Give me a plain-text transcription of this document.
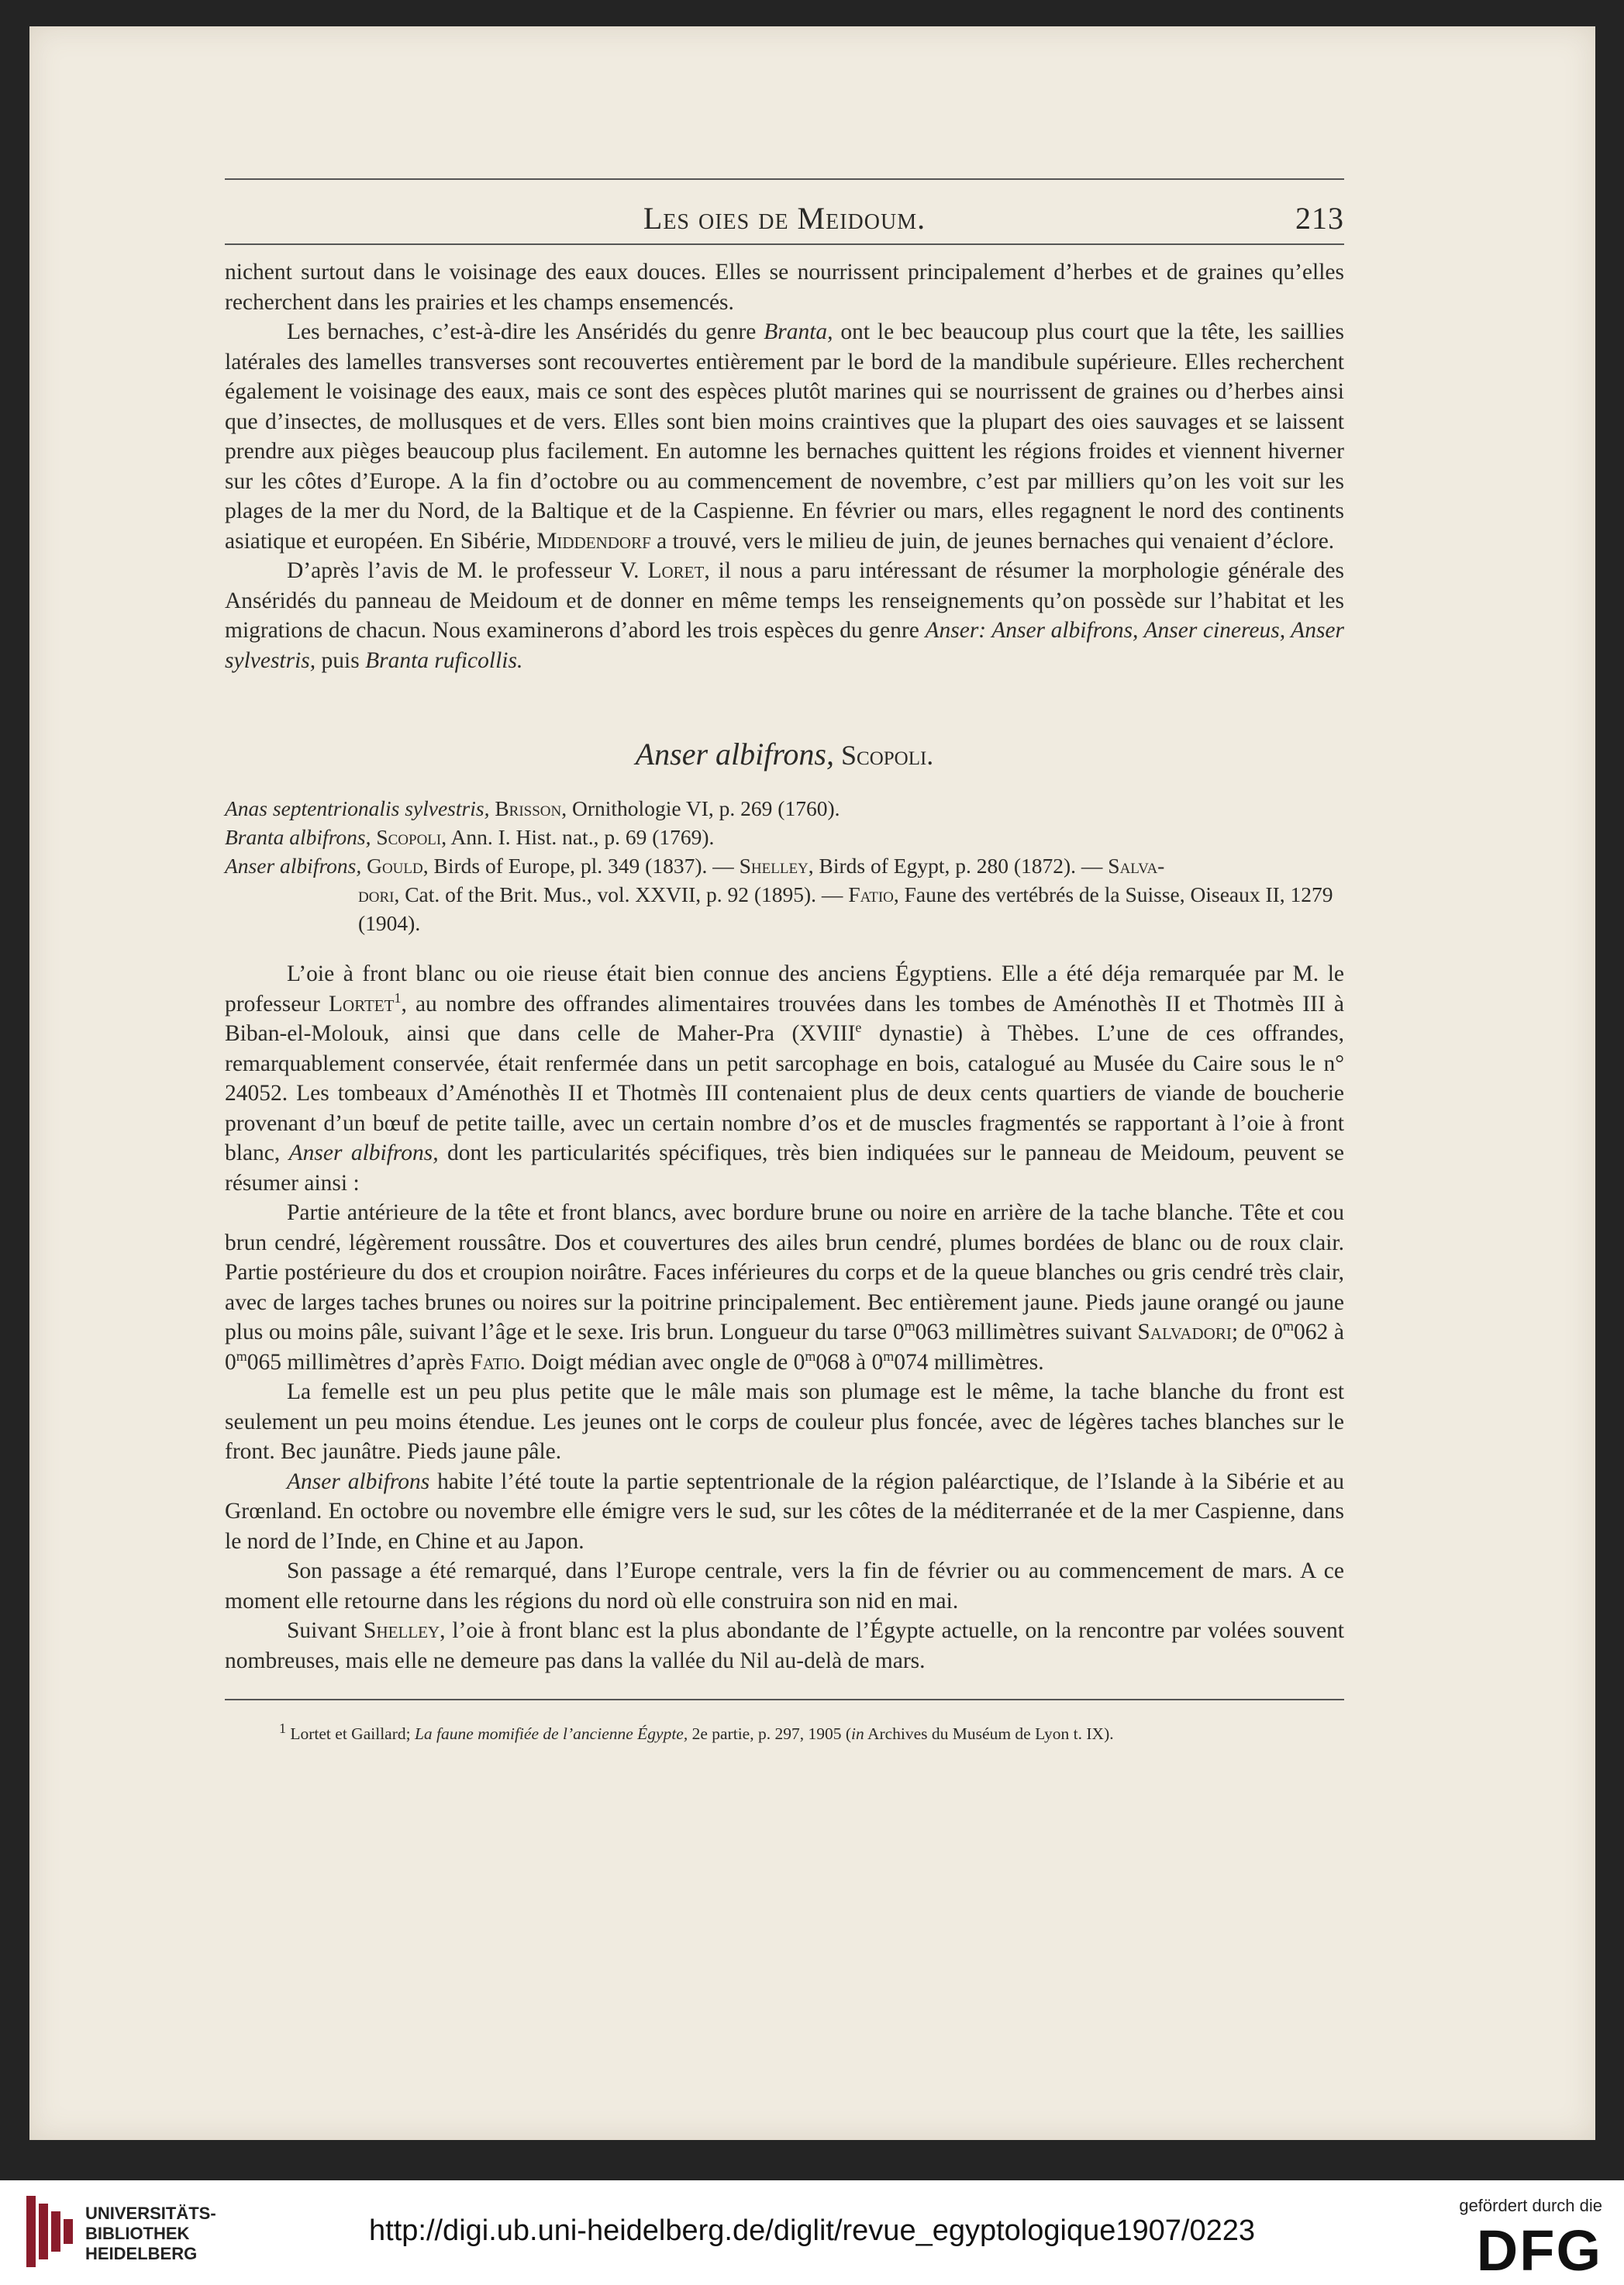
Les oies de Meidoum.	213

nichent surtout dans le voisinage des eaux douces. Elles se nourrissent principalement d’herbes et de graines qu’elles recherchent dans les prairies et les champs ensemencés.

Les bernaches, c’est-à-dire les Anséridés du genre Branta, ont le bec beaucoup plus court que la tête, les saillies latérales des lamelles transverses sont recouvertes entièrement par le bord de la mandibule supérieure. Elles recherchent également le voisinage des eaux, mais ce sont des espèces plutôt marines qui se nourrissent de graines ou d’herbes ainsi que d’insectes, de mollusques et de vers. Elles sont bien moins craintives que la plupart des oies sauvages et se laissent prendre aux pièges beaucoup plus facilement. En automne les bernaches quittent les régions froides et viennent hiverner sur les côtes d’Europe. A la fin d’octobre ou au commencement de novembre, c’est par milliers qu’on les voit sur les plages de la mer du Nord, de la Baltique et de la Caspienne. En février ou mars, elles regagnent le nord des continents asiatique et européen. En Sibérie, Middendorf a trouvé, vers le milieu de juin, de jeunes bernaches qui venaient d’éclore.

D’après l’avis de M. le professeur V. Loret, il nous a paru intéressant de résumer la morphologie générale des Anséridés du panneau de Meidoum et de donner en même temps les renseignements qu’on possède sur l’habitat et les migrations de chacun. Nous examinerons d’abord les trois espèces du genre Anser: Anser albifrons, Anser cinereus, Anser sylvestris, puis Branta ruficollis.

Anser albifrons, Scopoli.
Anas septentrionalis sylvestris, Brisson, Ornithologie VI, p. 269 (1760).
Branta albifrons, Scopoli, Ann. I. Hist. nat., p. 69 (1769).
Anser albifrons, Gould, Birds of Europe, pl. 349 (1837). — Shelley, Birds of Egypt, p. 280 (1872). — Salva-
dori, Cat. of the Brit. Mus., vol. XXVII, p. 92 (1895). — Fatio, Faune des vertébrés de la Suisse, Oiseaux II, 1279 (1904).

L’oie à front blanc ou oie rieuse était bien connue des anciens Égyptiens. Elle a été déja remarquée par M. le professeur Lortet$^1$, au nombre des offrandes alimentaires trouvées dans les tombes de Aménothès II et Thotmès III à Biban-el-Molouk, ainsi que dans celle de Maher-Pra (XVIIIe dynastie) à Thèbes. L’une de ces offrandes, remarquablement conservée, était renfermée dans un petit sarcophage en bois, catalogué au Musée du Caire sous le n° 24052. Les tombeaux d’Aménothès II et Thotmès III contenaient plus de deux cents quartiers de viande de boucherie provenant d’un bœuf de petite taille, avec un certain nombre d’os et de muscles fragmentés se rapportant à l’oie à front blanc, Anser albifrons, dont les particularités spécifiques, très bien indiquées sur le panneau de Meidoum, peuvent se résumer ainsi :

Partie antérieure de la tête et front blancs, avec bordure brune ou noire en arrière de la tache blanche. Tête et cou brun cendré, légèrement roussâtre. Dos et couvertures des ailes brun cendré, plumes bordées de blanc ou de roux clair. Partie postérieure du dos et croupion noirâtre. Faces inférieures du corps et de la queue blanches ou gris cendré très clair, avec de larges taches brunes ou noires sur la poitrine principalement. Bec entièrement jaune. Pieds jaune orangé ou jaune plus ou moins pâle, suivant l’âge et le sexe. Iris brun. Longueur du tarse 0$^m$063 millimètres suivant Salvadori; de 0$^m$062 à 0$^m$065 millimètres d’après Fatio. Doigt médian avec ongle de 0$^m$068 à 0$^m$074 millimètres.

La femelle est un peu plus petite que le mâle mais son plumage est le même, la tache blanche du front est seulement un peu moins étendue. Les jeunes ont le corps de couleur plus foncée, avec de légères taches blanches sur le front. Bec jaunâtre. Pieds jaune pâle.

Anser albifrons habite l’été toute la partie septentrionale de la région paléarctique, de l’Islande à la Sibérie et au Grœnland. En octobre ou novembre elle émigre vers le sud, sur les côtes de la méditerranée et de la mer Caspienne, dans le nord de l’Inde, en Chine et au Japon.

Son passage a été remarqué, dans l’Europe centrale, vers la fin de février ou au commencement de mars. A ce moment elle retourne dans les régions du nord où elle construira son nid en mai.

Suivant Shelley, l’oie à front blanc est la plus abondante de l’Égypte actuelle, on la rencontre par volées souvent nombreuses, mais elle ne demeure pas dans la vallée du Nil au-delà de mars.

$^1$ Lortet et Gaillard; La faune momifiée de l’ancienne Égypte, 2e partie, p. 297, 1905 (in Archives du Muséum de Lyon t. IX).
UNIVERSITÄTS-
BIBLIOTHEK
HEIDELBERG
http://digi.ub.uni-heidelberg.de/diglit/revue_egyptologique1907/0223
gefördert durch die
DFG
